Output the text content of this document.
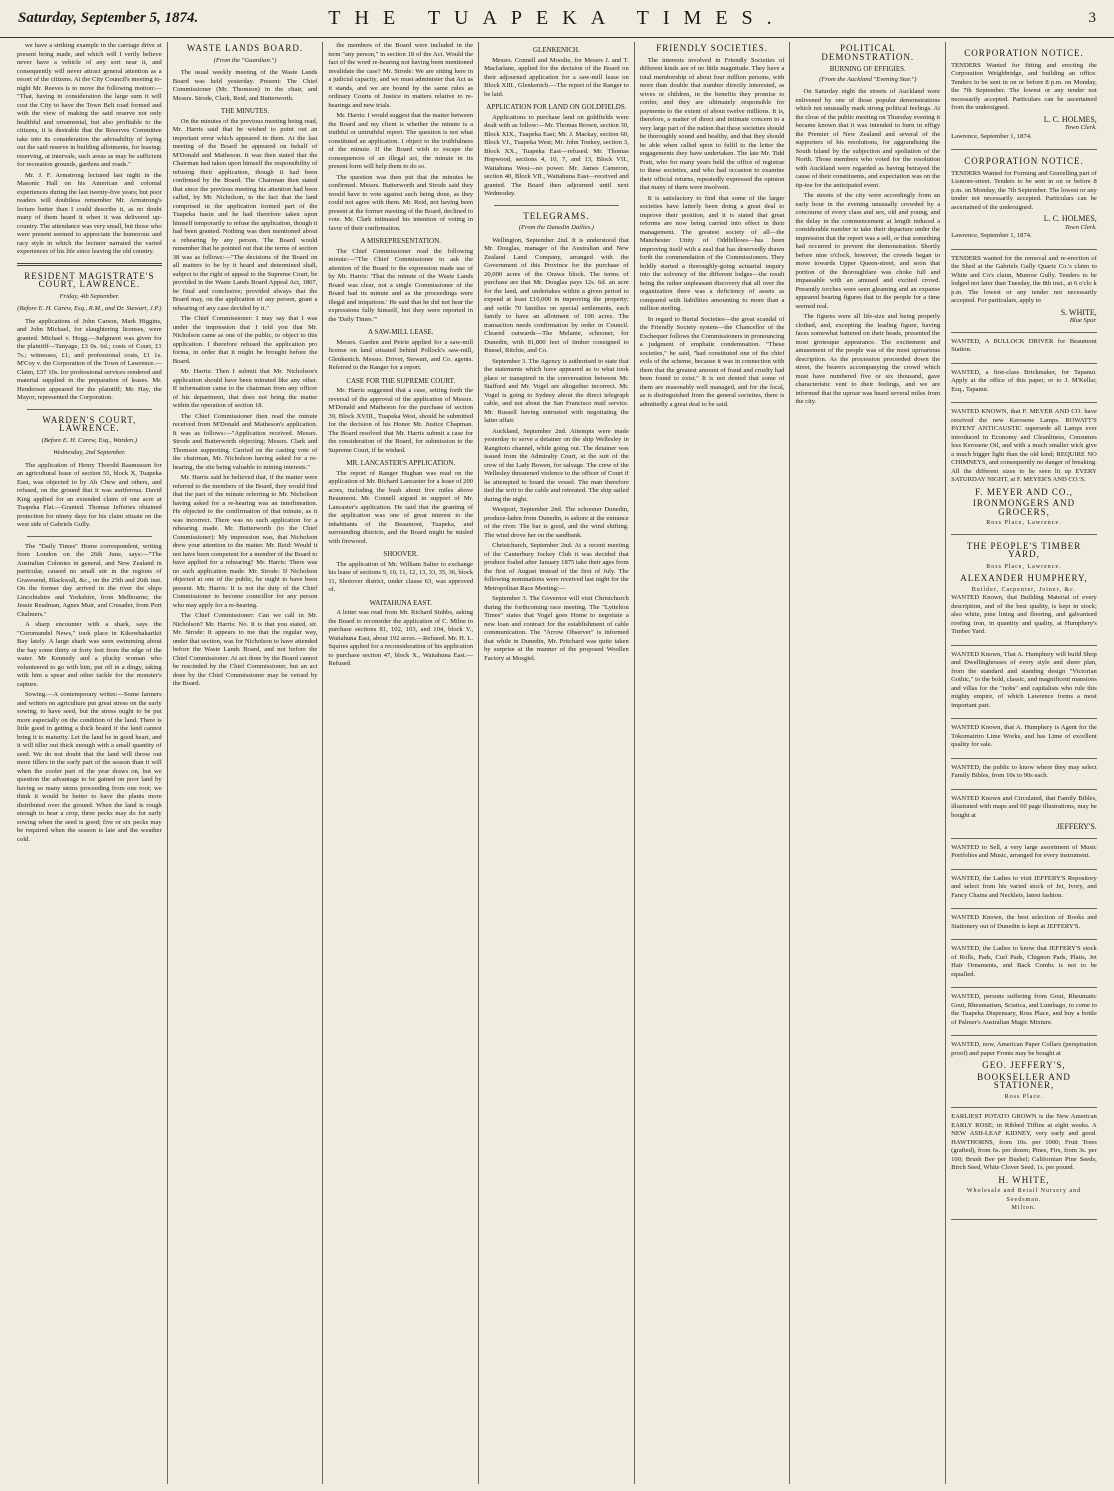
Saturday, September 5, 1874.	THE TUAPEKA TIMES.	3

we have a striking example in the carriage drive at present being made, and which will I verily believe never have a vehicle of any sort near it, and consequently will never attract general attention as a resort of the citizens. At the City Council's meeting to-night Mr. Reeves is to move the following motion:— "That, having in consideration the large sum it will cost the City to have the Town Belt road formed and with the view of making the said reserve not only healthful and ornamental, but also profitable to the citizens, it is desirable that the Reserves Committee take into its consideration the advisability of laying out the said reserve in building allotments, for leasing; reserving, at intervals, such areas as may be sufficient for recreation grounds, gardens and roads."

Mr. J. F. Armstrong lectured last night in the Masonic Hall on his American and colonial experiences during the last twenty-five years; but poor readers will doubtless remember Mr. Armstrong's lecture better than I could describe it, as no doubt many of them heard it when it was delivered up-country. The attendance was very small, but those who were present seemed to appreciate the humorous and racy style in which the lecturer narrated the varied experiences of his life since leaving the old country.

RESIDENT MAGISTRATE'S COURT, LAWRENCE.
Friday, 4th September.
(Before E. H. Carew, Esq., R.M., and Dr. Stewart, J.P.)

The applications of John Carson, Mark Higgins, and John Michael, for slaughtering licenses, were granted. Michael v. Hogg.—Judgment was given for the plaintiff—Tanyage, £3 0s. 6d.; costs of Court, £1 7s.; witnesses, £1; and professional costs, £1 1s. M'Coy v. the Corporation of the Town of Lawrence.—Claim, £37 10s. for professional services rendered and material supplied in the preparation of leases. Mr. Henderson appeared for the plaintiff; Mr. Hay, the Mayor, represented the Corporation.

WARDEN'S COURT, LAWRENCE.
(Before E. H. Carew, Esq., Warden.)
Wednesday, 2nd September.

The application of Henry Thorold Rasmussen for an agricultural lease of section 55, block X, Tuapeka East, was objected to by Ah Chew and others, and refused, on the ground that it was auriferous. David King applied for an extended claim of one acre at Tuapeka Flat.—Granted. Thomas Jefferies obtained protection for ninety days for his claim situate on the west side of Gabriels Gully.

The "Daily Times" Home correspondent, writing from London on the 26th June, says:—"The Australian Colonies in general, and New Zealand in particular, caused no small stir in the regions of Gravesend, Blackwall, &c., on the 25th and 26th inst. On the former day arrived in the river the ships Lincolnshire and Yorkshire, from Melbourne; the Jessie Readman, Agnes Muir, and Crusader, from Port Chalmers."

A sharp encounter with a shark, says the "Coromandel News," took place in Kikowhakarikii Bay lately. A large shark was seen swimming about the bay some thirty or forty feet from the edge of the water. Mr Kennedy and a plucky woman who volunteered to go with him, put off in a dingy, taking with him a spear and other tackle for the monster's capture.

Sowing.—A contemporary writes:—Some farmers and writers on agriculture put great stress on the early sowing, to have seed, but the stress ought to be put more especially on the condition of the land. There is little good in getting a thick braird if the land cannot bring it to maturity. Let the land be in good heart, and it will tiller out thick enough with a small quantity of seed. We do not doubt that the land will throw out more tillers in the early part of the season than it will when the cooler part of the year draws on, but we question the advantage to be gained on poor land by having so many stems proceeding from one root; we think it would be better to have the plants more distributed over the ground. When the land is rough enough to bear a crop, three pecks may do for early sowing when the seed is good; five or six pecks may be required when the season is late and the weather cold.

WASTE LANDS BOARD.
(From the "Guardian.")

The usual weekly meeting of the Waste Lands Board was held yesterday. Present: The Chief Commissioner (Mr. Thomson) in the chair, and Messrs. Strode, Clark, Reid, and Butterworth.

THE MINUTES.

On the minutes of the previous meeting being read, Mr. Harris said that he wished to point out an important error which appeared in them. At the last meeting of the Board he appeared on behalf of M'Donald and Matheson. It was then stated that the Chairman had taken upon himself the responsibility of refusing their application, though it had been confirmed by the Board. The Chairman then stated that since the previous meeting his attention had been called, by Mr. Nicholson, to the fact that the land comprised in the application formed part of the Tuapeka basin and he had therefore taken upon himself temporarily to refuse the application, though it had been granted. Nothing was then mentioned about a rehearing by any person. The Board would remember that he pointed out that the terms of section 38 was as follows:—"The decisions of the Board on all matters to be by it heard and determined shall, subject to the right of appeal to the Supreme Court, be provided in the Waste Lands Board Appeal Act, 1867, be final and conclusive; provided always that the Board may, on the application of any person, grant a rehearing of any case decided by it."

The Chief Commissioner: I may say that I was under the impression that I told you that Mr. Nicholson came as one of the public, to object to this application. I therefore refused the application pro forma, in order that it might be brought before the Board.

Mr. Harris: Then I submit that Mr. Nicholson's application should have been minuted like any other. If information came to the chairman from any officer of his department, that does not bring the matter within the operation of section 18.

The Chief Commissioner then read the minute received from M'Donald and Matheson's application. It was as follows:—"Application received. Messrs. Strode and Butterworth objecting; Messrs. Clark and Thomson supporting. Carried on the casting vote of the chairman, Mr. Nicholson having asked for a re-hearing, the site being valuable to mining interests."

Mr. Harris said he believed that, if the matter were referred to the members of the Board, they would find that the part of the minute referring to Mr. Nicholson having asked for a re-hearing was an interlineation. He objected to the confirmation of that minute, as it was incorrect. There was no such application for a rehearing made. Mr. Butterworth (to the Chief Commissioner): My impression was, that Nicholson drew your attention to the matter. Mr. Reid: Would it not have been competent for a member of the Board to have applied for a rehearing? Mr. Harris: There was no such application made. Mr. Strode: If Nicholson objected at one of the public, he ought to have been present. Mr. Harris: It is not the duty of the Chief Commissioner to become councillor for any person who may apply for a re-hearing.

The Chief Commissioner: Can we call in Mr. Nicholson? Mr. Harris: No. It is that you stated, sir. Mr. Strode: It appears to me that the regular way, under that section, was for Nicholson to have attended before the Waste Lands Board, and not before the Chief Commissioner. At act done by the Board cannot be rescinded by the Chief Commissioner, but an act done by the Chief Commissioner may be vetoed by the Board.

the members of the Board were included in the term "any person," in section 18 of the Act. Would the fact of the word re-hearing not having been mentioned invalidate the case? Mr. Strode: We are sitting here in a judicial capacity, and we must administer that Act as it stands, and we are bound by the same rules as ordinary Courts of Justice in matters relative to re-hearings and new trials.

Mr. Harris: I would suggest that the matter between the Board and my client is whether the minute is a truthful or untruthful report. The question is not what constituted an application. I object to the truthfulness of the minute. If the Board wish to escape the consequences of an illegal act, the minute in its present form will help them to do so.

The question was then put that the minutes be confirmed. Messrs. Butterworth and Strode said they would have to vote against such being done, as they could not agree with them. Mr. Reid, not having been present at the former meeting of the Board, declined to vote. Mr. Clark intimated his intention of voting in favor of their confirmation.

A MISREPRESENTATION.

The Chief Commissioner read the following minute:—"The Chief Commissioner to ask the attention of the Board to the expression made use of by Mr. Harris: 'That the minute of the Waste Lands Board was clear, not a single Commissioner of the Board had its minute and as the proceedings were illegal and iniquitous.' He said that he did not hear the expressions fully himself, but they were reported in the 'Daily Times.'"

A SAW-MILL LEASE.

Messrs. Garden and Petrie applied for a saw-mill license on land situated behind Pollock's saw-mill, Glenkenich. Messrs. Driver, Stewart, and Co. agents. Referred to the Ranger for a report.

CASE FOR THE SUPREME COURT.

Mr. Harris suggested that a case, setting forth the reversal of the approval of the application of Messrs. M'Donald and Matheson for the purchase of section 39, Block XVIII., Tuapeka West, should be submitted for the decision of his Honor Mr. Justice Chapman. The Board resolved that Mr. Harris submit a case for the consideration of the Board, for submission to the Supreme Court, if he wished.

MR. LANCASTER'S APPLICATION.

The report of Ranger Hughan was read on the application of Mr. Richard Lancaster for a lease of 200 acres, including the bush about five miles above Beaumont. Mr. Connell argued in support of Mr. Lancaster's application. He said that the granting of the application was one of great interest to the inhabitants of the Beaumont, Tuapeka, and surrounding districts, and the Board might be misled with firewood.

SHOOVER.

The application of Mr. William Salter to exchange his lease of sections 9, 10, 11, 12, 13, 33, 35, 36, block 11, Shotover district, under clause 63, was approved of.

WAITAHUNA EAST.

A letter was read from Mr. Richard Stubbs, asking the Board to reconsider the application of C. Milne to purchase sections 81, 102, 103, and 104, block V., Waitahuna East, about 192 acres.—Refused. Mr. H. L. Squires applied for a reconsideration of his application to purchase section 47, block X., Waitahuna East.—Refused.

GLENKENICH.

Messrs. Connell and Moodie, for Messrs J. and T. Macfarlane, applied for the decision of the Board on their adjourned application for a saw-mill lease on Block XIII., Glenkenich.—The report of the Ranger to be laid.

APPLICATION FOR LAND ON GOLDFIELDS.

Applications to purchase land on goldfields were dealt with as follow:—Mr. Thomas Brown, section 30, Block XIX., Tuapeka East; Mr. J. Mackay, section 60, Block VI., Tuapeka West; Mr. John Tonkey, section 3, Block XX., Tuapeka East—refused. Mr. Thomas Hopwood, sections 4, 10, 7, and 13, Block VII., Waitahuna West—no power. Mr. James Cameron, section 40, Block VII., Waitahuna East—received and granted. The Board then adjourned until next Wednesday.

TELEGRAMS.
(From the Dunedin Dailies.)

Wellington, September 2nd. It is understood that Mr. Douglas, manager of the Australian and New Zealand Land Company, arranged with the Government of this Province for the purchase of 20,000 acres of the Orawa block. The terms of purchase are that Mr. Douglas pays 12s. 6d. an acre for the land, and undertakes within a given period to expend at least £10,000 in improving the property; and settle 70 families on special settlements, each family to have an allotment of 100 acres. The transaction needs confirmation by order in Council. Cleared outwards—The Melanie, schooner, for Dunedin, with 81,800 feet of timber consigned to Russel, Ritchie, and Co.

September 3. The Agency is authorised to state that the statements which have appeared as to what took place or transpired in the conversation between Mr. Stafford and Mr. Vogel are altogether incorrect. Mr. Vogel is going to Sydney about the direct telegraph cable, and not about the San Francisco mail service. Mr. Russell having entrusted with negotiating the latter affair.

Auckland, September 2nd. Attempts were made yesterday to serve a detainer on the ship Wellesley in Rangitoto channel, while going out. The detainer was issued from the Admiralty Court, at the suit of the crew of the Lady Bowen, for salvage. The crew of the Wellesley threatened violence to the officer of Court if he attempted to board the vessel. The man therefore tied the writ to the cable and retreated. The ship sailed during the night.

Westport, September 2nd. The schooner Dunedin, produce-laden from Dunedin, is ashore at the entrance of the river. The bar is good, and the wind shifting. The wind drove her on the sandbank.

Christchurch, September 2nd. At a recent meeting of the Canterbury Jockey Club it was decided that produce foaled after January 1875 take their ages from the first of August instead of the first of July. The following nominations were received last night for the Metropolitan Race Meeting:—

September 3. The Governor will visit Christchurch during the forthcoming race meeting. The "Lyttelton Times" states that Vogel goes Home to negotiate a new loan and contract for the establishment of cable communication. The "Arrow Observer" is informed that while in Dunedin, Mr. Pritchard was quite taken by surprise at the manner of the proposed Woollen Factory at Mosgiel.

FRIENDLY SOCIETIES.

The interests involved in Friendly Societies of different kinds are of no little magnitude. They have a total membership of about four million persons, with more than double that number directly interested, as wives or children, in the benefits they promise to confer, and they are ultimately responsible for payments to the extent of about twelve millions. It is, therefore, a matter of direct and intimate concern to a very large part of the nation that these societies should be thoroughly sound and healthy, and that they should be able when called upon to fulfil to the letter the engagements they have undertaken. The late Mr. Tidd Pratt, who for many years held the office of registrar to these societies, and who had occasion to examine their official returns, repeatedly expressed the opinion that many of them were insolvent.

It is satisfactory to find that some of the larger societies have latterly been doing a great deal to improve their position, and it is stated that great reforms are now being carried into effect in their management. The greatest society of all—the Manchester Unity of Oddfellows—has been improving itself with a zeal that has deservedly drawn forth the commendation of the Commissioners. They boldly started a thoroughly-going actuarial inquiry into the solvency of the different lodges—the result being the rather unpleasant discovery that all over the organization there was a deficiency of assets as compared with liabilities amounting to more than a million sterling.

In regard to Burial Societies—the great scandal of the Friendly Society system—the Chancellor of the Exchequer follows the Commissioners in pronouncing a judgment of emphatic condemnation. "These societies," he said, "had constituted one of the chief evils of the scheme, because it was in connection with them that the greatest amount of fraud and cruelty had been found to exist." It is not denied that some of them are reasonably well managed, and for the local, as is distinguished from the general societies, there is admittedly a great deal to be said.

POLITICAL DEMONSTRATION.
BURNING OF EFFIGIES.
(From the Auckland "Evening Star.")

On Saturday night the streets of Auckland were enlivened by one of those popular demonstrations which not unusually mark strong political feelings. At the close of the public meeting on Thursday evening it became known that it was intended to burn in effigy the Premier of New Zealand and several of the supporters of his resolutions, for aggrandising the South Island by the subjection and spoliation of the North. Those members who voted for the resolution with Auckland were regarded as having betrayed the cause of their constituents, and expectation was on the tip-toe for the anticipated event.

The streets of the city were accordingly from an early hour in the evening unusually crowded by a concourse of every class and sex, old and young, and the delay in the commencement at length induced a considerable number to take their departure under the impression that the report was a sell, or that something had occurred to prevent the demonstration. Shortly before nine o'clock, however, the crowds began to move towards Upper Queen-street, and soon that portion of the thoroughfare was choke full and impassable with an amused and excited crowd. Presently torches were seen gleaming and an expanse appeared bearing figures that to the people for a time seemed real.

The figures were all life-size and being properly clothed, and, excepting the leading figure, having faces somewhat battered on their heads, presented the most grotesque appearance. The excitement and amusement of the people was of the most uproarious description. As the procession proceeded down the street, the bearers accompanying the crowd which must have numbered five or six thousand, gave characteristic vent to their feelings, and we are informed that the uproar was heard several miles from the city.

CORPORATION NOTICE.

TENDERS Wanted for fitting and erecting the Corporation Weighbridge, and building an office. Tenders to be sent in on or before 8 p.m. on Monday, the 7th September. The lowest or any tender not necessarily accepted. Particulars can be ascertained from the undersigned.

L. C. HOLMES,
Town Clerk.

Lawrence, September 1, 1874.

CORPORATION NOTICE.

TENDERS Wanted for Forming and Gravelling part of Lismore-street. Tenders to be sent in on or before 8 p.m. on Monday, the 7th September. The lowest or any tender not necessarily accepted. Particulars can be ascertained of the undersigned.

L. C. HOLMES,
Town Clerk.

Lawrence, September 1, 1874.

TENDERS wanted for the removal and re-erection of the Shed at the Gabriels Gully Quartz Co.'s claim to White and Co's claim, Munroe Gully. Tenders to be lodged not later than Tuesday, the 8th inst., at 6 o'clo k p.m. The lowest or any tender not necessarily accepted. For particulars, apply to

S. WHITE,
Blue Spur.

WANTED, A BULLOCK DRIVER for Beaumont Station.

WANTED, a first-class Brickmaker, for Tapanui. Apply at the office of this paper, or to J. M'Kellar, Esq., Tapanui.

WANTED KNOWN, that F. MEYER AND CO. have received the new Kerosene Lamps. ROWATT'S PATENT ANTICAUSTIC supersede all Lamps ever introduced in Economy and Cleanliness, Consumes less Kerosene Oil, and with a much smaller wick give a much bigger light than the old kind; REQUIRE NO CHIMNEYS, and consequently no danger of breaking. All the different sizes to be seen lit up EVERY SATURDAY NIGHT, at F. MEYER'S AND CO.'S.

F. MEYER AND CO.,
IRONMONGERS AND GROCERS,
Ross Place, Lawrence.
THE PEOPLE'S TIMBER YARD,
Ross Place, Lawrence.
ALEXANDER HUMPHERY,
Builder, Carpenter, Joiner, &c.

WANTED Known, that Building Material of every description, and of the best quality, is kept in stock; also white, pine lining and flooring, and galvanised roofing iron, in quantity and quality, at Humphery's Timber Yard.

WANTED Known, That A. Humphery will build Shop and Dwellinghouses of every style and sheer plan, from the standard and standing design "Victorian Gothic," to the bold, classic, and magnificent mansions and villas for the "nobs" and capitalists who rule this mighty empire, of which Lawrence forms a most important part.

WANTED Known, that A. Humphery is Agent for the Tokomairiro Lime Works, and has Lime of excellent quality for sale.

WANTED, the public to know where they may select Family Bibles, from 10s to 90s each.

WANTED Known and Circulated, that Family Bibles, illustrated with maps and 60 page illustrations, may be bought at

JEFFERY'S.

WANTED to Sell, a very large assortment of Music Portfolios and Music, arranged for every instrument.

WANTED, the Ladies to visit JEFFERY'S Repository and select from his varied stock of Jet, Ivory, and Fancy Chains and Necklets, latest fashion.

WANTED Known, the best selection of Books and Stationery out of Dunedin is kept at JEFFERY'S.

WANTED, the Ladies to know that JEFFERY'S stock of Rolls, Pads, Curl Pads, Chignon Pads, Plaits, Jet Hair Ornaments, and Back Combs is not to be equalled.

WANTED, persons suffering from Gout, Rheumatic Gout, Rheumatism, Sciatica, and Lumbago, to come to the Tuapeka Dispensary, Ross Place, and buy a bottle of Palmer's Australian Magic Mixture.

WANTED, now, American Paper Collars (perspiration proof) and paper Fronts may be bought at

GEO. JEFFERY'S,
BOOKSELLER AND STATIONER,
Ross Place.

EARLIEST POTATO GROWN is the New American EARLY ROSE; in Ribbed Tiffins at eight weeks. A NEW ASH-LEAF KIDNEY, very early and good. HAWTHORNS, from 10s. per 1000; Fruit Trees (grafted), from 6s. per dozen; Pines, Firs, from 3s. per 100; Brush Bee per Bushel; Californian Pine Seeds; Birch Seed, White Clover Seed, 1s. per pound.

H. WHITE,
Wholesale and Retail Nursery and Seedsman.
Milton.
